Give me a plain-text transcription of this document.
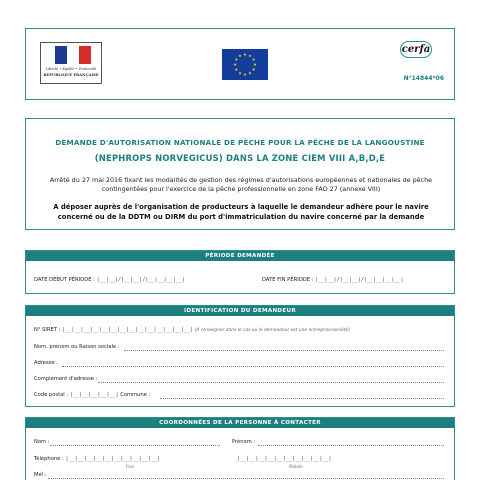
Liberté • Égalité • Fraternité
RÉPUBLIQUE FRANÇAISE
cerfa
N°14844*06
DEMANDE D'AUTORISATION NATIONALE DE PÊCHE POUR LA PÊCHE DE LA LANGOUSTINE
(NEPHROPS NORVEGICUS) DANS LA ZONE CIEM VIII A,B,D,E
Arrêté du 27 mai 2016 fixant les modalités de gestion des régimes d'autorisations européennes et nationales de pêche contingentées pour l'exercice de la pêche professionnelle en zone FAO 27 (annexe VIII)
A déposer auprès de l'organisation de producteurs à laquelle le demandeur adhère pour le navire concerné ou de la DDTM ou DIRM du port d'immatriculation du navire concerné par la demande
PÉRIODE DEMANDÉE
DATE DÉBUT PÉRIODE : |__|__|/|__|__|/|__|__|__|__|	DATE FIN PÉRIODE : |__|__|/|__|__|/|__|__|__|__|
IDENTIFICATION DU DEMANDEUR
N° SIRET : |__|__|__|__|__|__|__|__|__|__|__|__|__|__| (A renseigner dans le cas où le demandeur est une entreprise/société)
Nom, prénom ou Raison sociale :
Adresse :
Complément d'adresse :
Code postal : |__|__|__|__|__| Commune :
COORDONNÉES DE LA PERSONNE À CONTACTER
Nom :	Prénom :
Téléphone : |__|__|__|__|__|__|__|__|__|__|	|__|__|__|__|__|__|__|__|__|__|
Fixe	Mobile
Mél :
